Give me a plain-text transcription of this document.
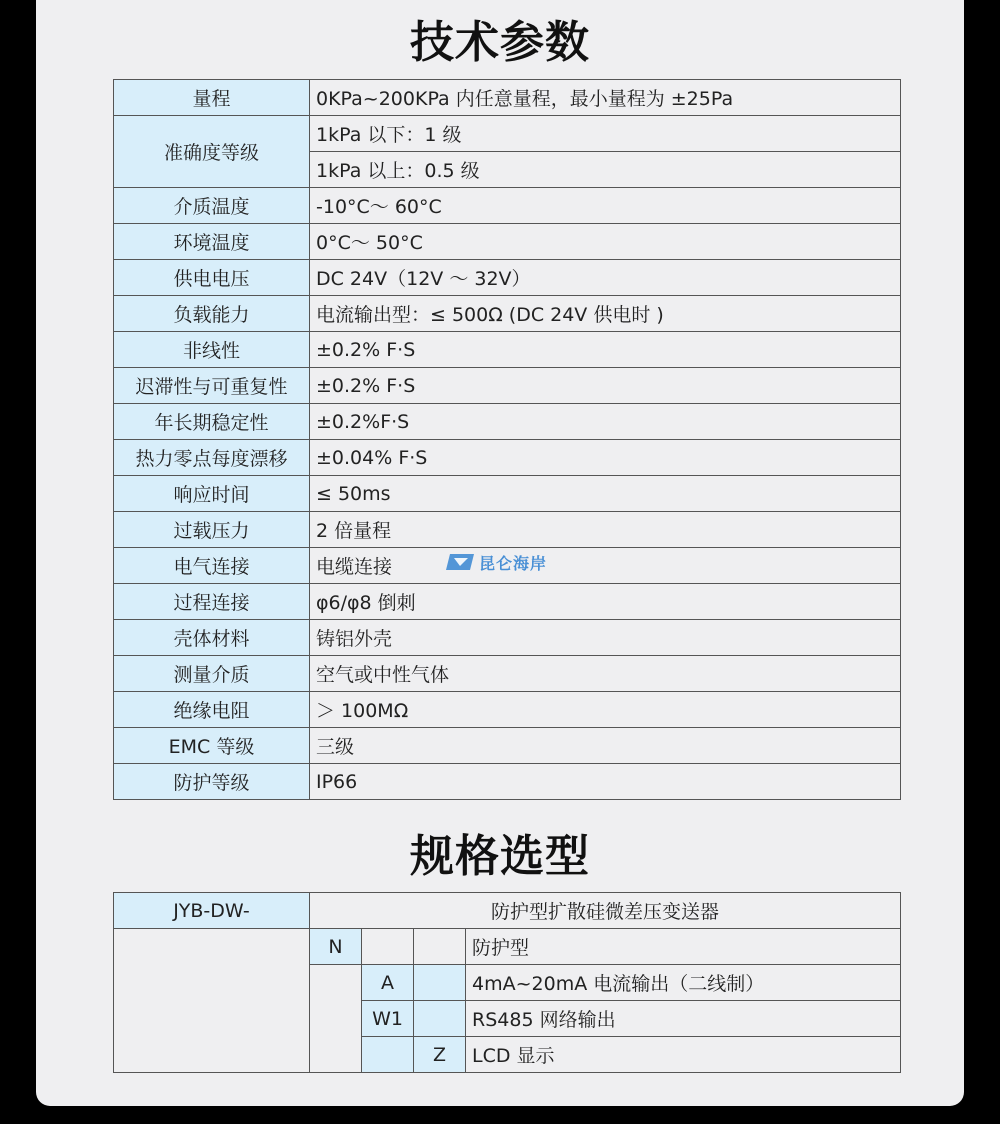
技术参数
量程	0KPa~200KPa 内任意量程，最小量程为 ±25Pa
准确度等级	1kPa 以下：1 级
	1kPa 以上：0.5 级
介质温度	-10°C～ 60°C
环境温度	0°C～ 50°C
供电电压	DC 24V（12V ～ 32V）
负载能力	电流输出型：≤ 500Ω (DC 24V 供电时 )
非线性	±0.2% F·S
迟滞性与可重复性	±0.2% F·S
年长期稳定性	±0.2%F·S
热力零点每度漂移	±0.04% F·S
响应时间	≤ 50ms
过载压力	2 倍量程
电气连接	电缆连接
过程连接	φ6/φ8 倒刺
壳体材料	铸铝外壳
测量介质	空气或中性气体
绝缘电阻	＞ 100MΩ
EMC 等级	三级
防护等级	IP66
昆仑海岸
规格选型
JYB-DW-	防护型扩散硅微差压变送器			
	N			防护型
		A		4mA~20mA 电流输出（二线制）
		W1		RS485 网络输出
			Z	LCD 显示
